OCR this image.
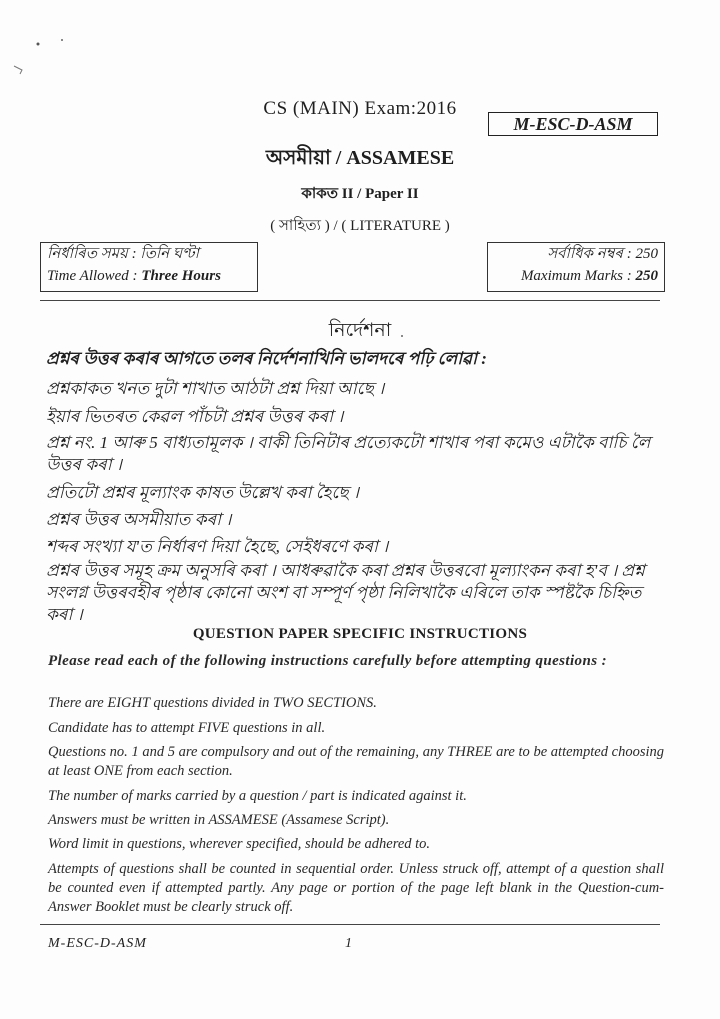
CS (MAIN) Exam:2016
M-ESC-D-ASM
অসমীয়া / ASSAMESE
কাকত II / Paper II
( সাহিত্য ) / ( LITERATURE )
নিৰ্ধাৰিত সময় : তিনি ঘণ্টা
Time Allowed : Three Hours
সৰ্বাধিক নম্বৰ : 250
Maximum Marks : 250
নিৰ্দেশনা
প্ৰশ্নৰ উত্তৰ কৰাৰ আগতে তলৰ নিৰ্দেশনাখিনি ভালদৰে পঢ়ি লোৱা :
প্ৰশ্নকাকত খনত দুটা শাখাত আঠটা প্ৰশ্ন দিয়া আছে ।
ইয়াৰ ভিতৰত কেৱল পাঁচটা প্ৰশ্নৰ উত্তৰ কৰা ।
প্ৰশ্ন নং. 1 আৰু 5 বাধ্যতামূলক । বাকী তিনিটাৰ প্ৰত্যেকটো শাখাৰ পৰা কমেও এটাকৈ বাচি লৈ উত্তৰ কৰা ।
প্ৰতিটো প্ৰশ্নৰ মূল্যাংক কাষত উল্লেখ কৰা হৈছে ।
প্ৰশ্নৰ উত্তৰ অসমীয়াত কৰা ।
শব্দৰ সংখ্যা য'ত নিৰ্ধাৰণ দিয়া হৈছে, সেইধৰণে কৰা ।
প্ৰশ্নৰ উত্তৰ সমূহ ক্ৰম অনুসৰি কৰা । আধৰুৱাকৈ কৰা প্ৰশ্নৰ উত্তৰবো মূল্যাংকন কৰা হ'ব । প্ৰশ্ন সংলগ্ন উত্তৰবহীৰ পৃষ্ঠাৰ কোনো অংশ বা সম্পূৰ্ণ পৃষ্ঠা নিলিখাকৈ এৰিলে তাক স্পষ্টকৈ চিহ্নিত কৰা ।
QUESTION PAPER SPECIFIC INSTRUCTIONS
Please read each of the following instructions carefully before attempting questions :
There are EIGHT questions divided in TWO SECTIONS.
Candidate has to attempt FIVE questions in all.
Questions no. 1 and 5 are compulsory and out of the remaining, any THREE are to be attempted choosing at least ONE from each section.
The number of marks carried by a question / part is indicated against it.
Answers must be written in ASSAMESE (Assamese Script).
Word limit in questions, wherever specified, should be adhered to.
Attempts of questions shall be counted in sequential order. Unless struck off, attempt of a question shall be counted even if attempted partly. Any page or portion of the page left blank in the Question-cum-Answer Booklet must be clearly struck off.
M-ESC-D-ASM	1
